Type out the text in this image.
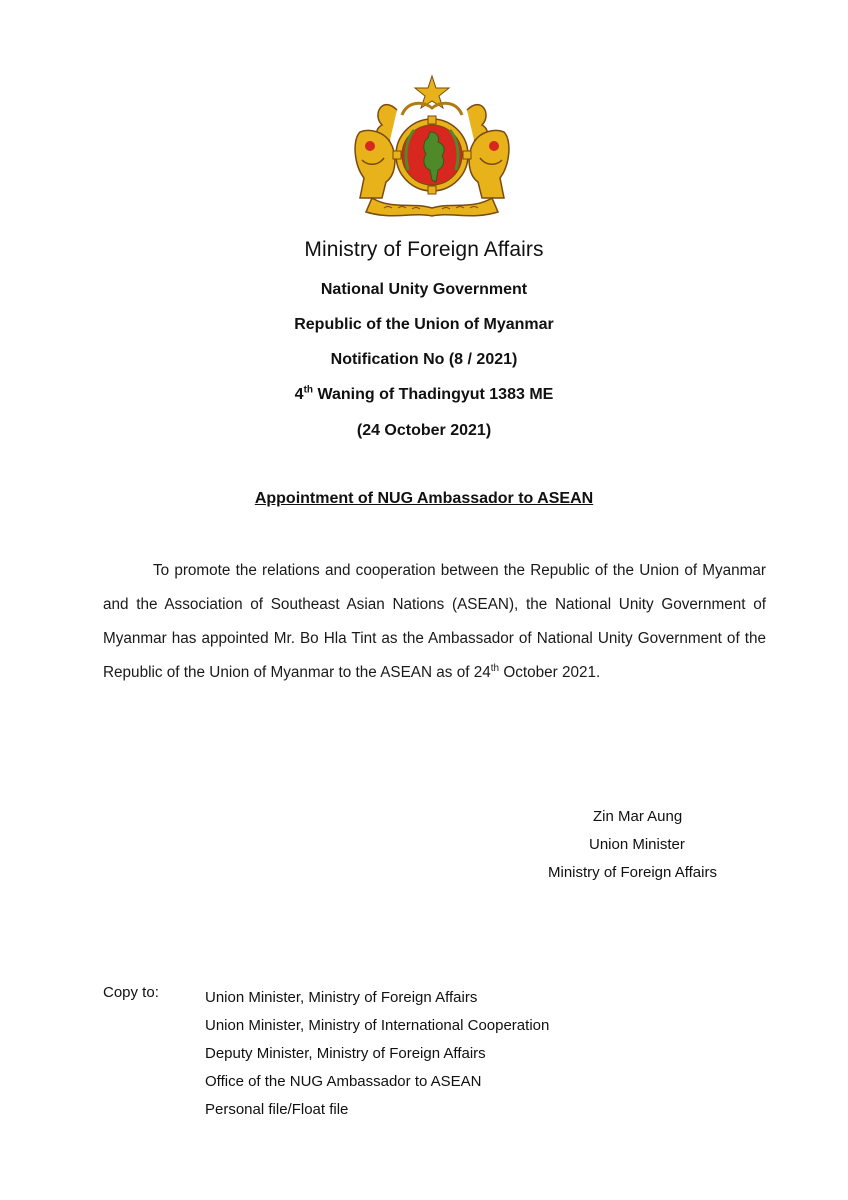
Ministry of Foreign Affairs
National Unity Government
Republic of the Union of Myanmar
Notification No (8 / 2021)
4th Waning of Thadingyut 1383 ME
(24 October 2021)
Appointment of NUG Ambassador to ASEAN
To promote the relations and cooperation between the Republic of the Union of Myanmar and the Association of Southeast Asian Nations (ASEAN), the National Unity Government of Myanmar has appointed Mr. Bo Hla Tint as the Ambassador of National Unity Government of the Republic of the Union of Myanmar to the ASEAN as of 24th October 2021.
Zin Mar Aung
Union Minister
Ministry of Foreign Affairs
Copy to:	Union Minister, Ministry of Foreign Affairs
Union Minister, Ministry of International Cooperation
Deputy Minister, Ministry of Foreign Affairs
Office of the NUG Ambassador to ASEAN
Personal file/Float file
